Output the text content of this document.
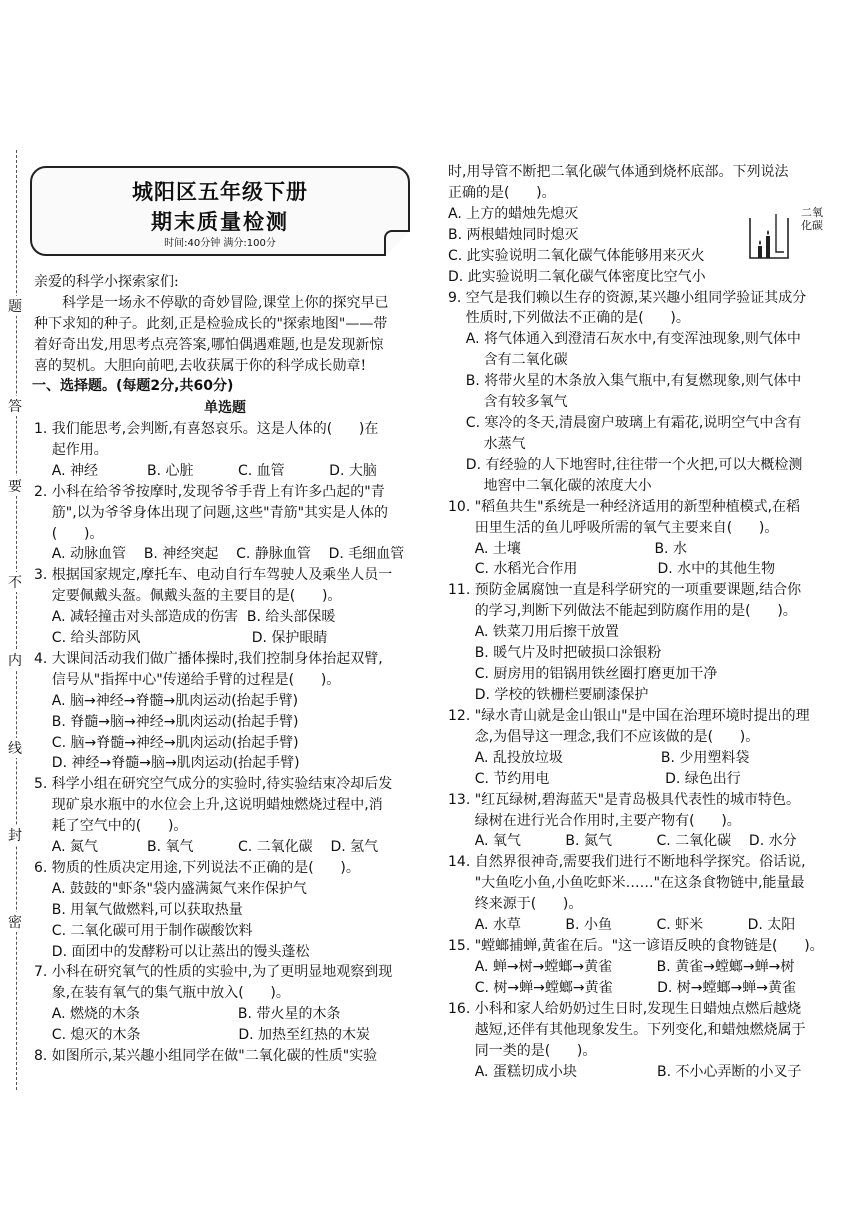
题
答
要
不
内
线
封
密
城阳区五年级下册
期末质量检测
时间:40分钟 满分:100分
亲爱的科学小探索家们:
科学是一场永不停歇的奇妙冒险,课堂上你的探究早已
种下求知的种子。此刻,正是检验成长的"探索地图"——带
着好奇出发,用思考点亮答案,哪怕偶遇难题,也是发现新惊
喜的契机。大胆向前吧,去收获属于你的科学成长勋章!
一、选择题。(每题2分,共60分)
单选题
1. 我们能思考,会判断,有喜怒哀乐。这是人体的(      )在
起作用。
A. 神经           B. 心脏          C. 血管          D. 大脑
2. 小科在给爷爷按摩时,发现爷爷手背上有许多凸起的"青
筋",以为爷爷身体出现了问题,这些"青筋"其实是人体的
(      )。
A. 动脉血管    B. 神经突起    C. 静脉血管    D. 毛细血管
3. 根据国家规定,摩托车、电动自行车驾驶人及乘坐人员一
定要佩戴头盔。佩戴头盔的主要目的是(      )。
A. 减轻撞击对头部造成的伤害  B. 给头部保暖
C. 给头部防风                         D. 保护眼睛
4. 大课间活动我们做广播体操时,我们控制身体抬起双臂,
信号从"指挥中心"传递给手臂的过程是(      )。
A. 脑→神经→脊髓→肌肉运动(抬起手臂)
B. 脊髓→脑→神经→肌肉运动(抬起手臂)
C. 脑→脊髓→神经→肌肉运动(抬起手臂)
D. 神经→脊髓→脑→肌肉运动(抬起手臂)
5. 科学小组在研究空气成分的实验时,待实验结束冷却后发
现矿泉水瓶中的水位会上升,这说明蜡烛燃烧过程中,消
耗了空气中的(      )。
A. 氮气           B. 氧气          C. 二氧化碳    D. 氢气
6. 物质的性质决定用途,下列说法不正确的是(      )。
A. 鼓鼓的"虾条"袋内盛满氮气来作保护气
B. 用氧气做燃料,可以获取热量
C. 二氧化碳可用于制作碳酸饮料
D. 面团中的发酵粉可以让蒸出的馒头蓬松
7. 小科在研究氧气的性质的实验中,为了更明显地观察到现
象,在装有氧气的集气瓶中放入(      )。
A. 燃烧的木条                      B. 带火星的木条
C. 熄灭的木条                      D. 加热至红热的木炭
8. 如图所示,某兴趣小组同学在做"二氧化碳的性质"实验
时,用导管不断把二氧化碳气体通到烧杯底部。下列说法
正确的是(      )。
A. 上方的蜡烛先熄灭
B. 两根蜡烛同时熄灭
C. 此实验说明二氧化碳气体能够用来灭火
D. 此实验说明二氧化碳气体密度比空气小
9. 空气是我们赖以生存的资源,某兴趣小组同学验证其成分
性质时,下列做法不正确的是(      )。
A. 将气体通入到澄清石灰水中,有变浑浊现象,则气体中
含有二氧化碳
B. 将带火星的木条放入集气瓶中,有复燃现象,则气体中
含有较多氧气
C. 寒冷的冬天,清晨窗户玻璃上有霜花,说明空气中含有
水蒸气
D. 有经验的人下地窖时,往往带一个火把,可以大概检测
地窖中二氧化碳的浓度大小
10. "稻鱼共生"系统是一种经济适用的新型种植模式,在稻
田里生活的鱼儿呼吸所需的氧气主要来自(      )。
A. 土壤                              B. 水
C. 水稻光合作用                  D. 水中的其他生物
11. 预防金属腐蚀一直是科学研究的一项重要课题,结合你
的学习,判断下列做法不能起到防腐作用的是(      )。
A. 铁菜刀用后擦干放置
B. 暖气片及时把破损口涂银粉
C. 厨房用的铝锅用铁丝圈打磨更加干净
D. 学校的铁栅栏要刷漆保护
12. "绿水青山就是金山银山"是中国在治理环境时提出的理
念,为倡导这一理念,我们不应该做的是(      )。
A. 乱投放垃圾                      B. 少用塑料袋
C. 节约用电                          D. 绿色出行
13. "红瓦绿树,碧海蓝天"是青岛极具代表性的城市特色。
绿树在进行光合作用时,主要产物有(      )。
A. 氧气          B. 氮气          C. 二氧化碳    D. 水分
14. 自然界很神奇,需要我们进行不断地科学探究。俗话说,
"大鱼吃小鱼,小鱼吃虾米……"在这条食物链中,能量最
终来源于(      )。
A. 水草          B. 小鱼          C. 虾米          D. 太阳
15. "螳螂捕蝉,黄雀在后。"这一谚语反映的食物链是(      )。
A. 蝉→树→螳螂→黄雀          B. 黄雀→螳螂→蝉→树
C. 树→蝉→螳螂→黄雀          D. 树→螳螂→蝉→黄雀
16. 小科和家人给奶奶过生日时,发现生日蜡烛点燃后越烧
越短,还伴有其他现象发生。下列变化,和蜡烛燃烧属于
同一类的是(      )。
A. 蛋糕切成小块                  B. 不小心弄断的小叉子
二氧
化碳
